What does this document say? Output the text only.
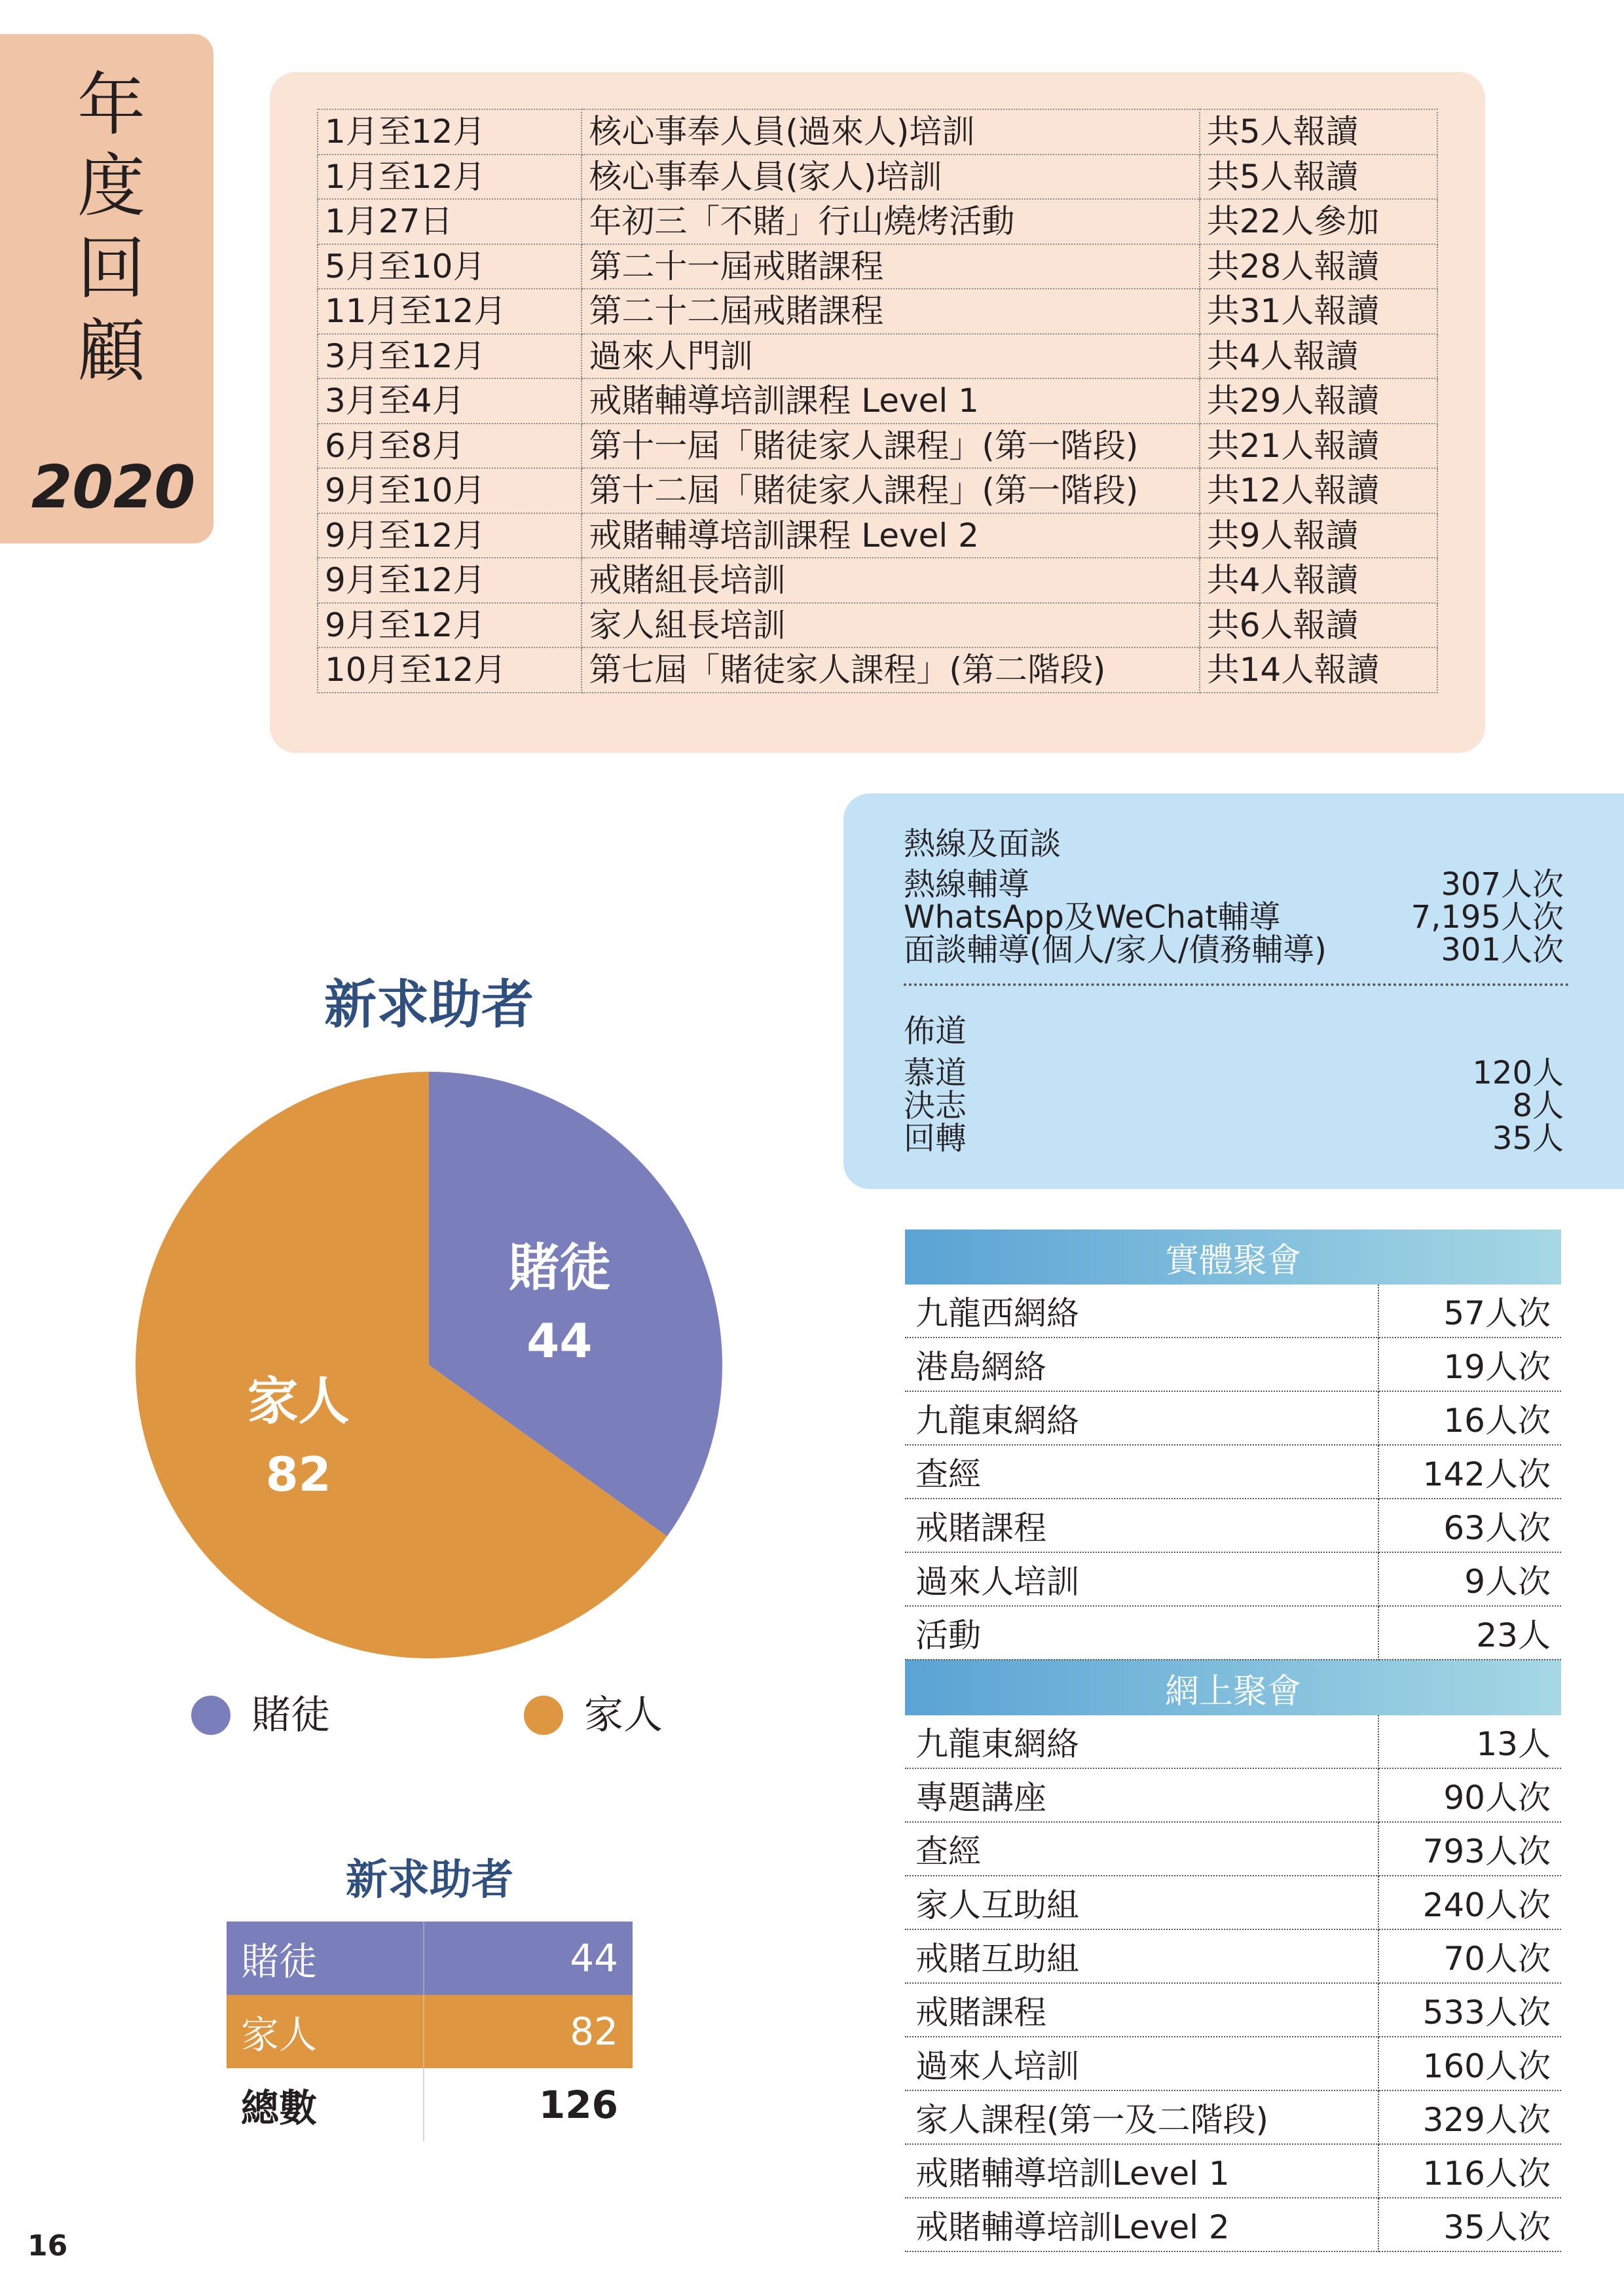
年
度
回
顧
2020
1月至12月	核心事奉人員(過來人)培訓	共5人報讀
1月至12月	核心事奉人員(家人)培訓	共5人報讀
1月27日	年初三「不賭」行山燒烤活動	共22人參加
5月至10月	第二十一屆戒賭課程	共28人報讀
11月至12月	第二十二屆戒賭課程	共31人報讀
3月至12月	過來人門訓	共4人報讀
3月至4月	戒賭輔導培訓課程 Level 1	共29人報讀
6月至8月	第十一屆「賭徒家人課程」(第一階段)	共21人報讀
9月至10月	第十二屆「賭徒家人課程」(第一階段)	共12人報讀
9月至12月	戒賭輔導培訓課程 Level 2	共9人報讀
9月至12月	戒賭組長培訓	共4人報讀
9月至12月	家人組長培訓	共6人報讀
10月至12月	第七屆「賭徒家人課程」(第二階段)	共14人報讀
熱線及面談
熱線輔導	307人次
WhatsApp及WeChat輔導	7,195人次
面談輔導(個人/家人/債務輔導)	301人次
佈道
慕道	120人
決志	8人
回轉	35人
新求助者
賭徒
44
家人
82
賭徒	家人
新求助者
賭徒	44
家人	82
總數	126
實體聚會	
九龍西網絡	57人次
港島網絡	19人次
九龍東網絡	16人次
查經	142人次
戒賭課程	63人次
過來人培訓	9人次
活動	23人
網上聚會	
九龍東網絡	13人
專題講座	90人次
查經	793人次
家人互助組	240人次
戒賭互助組	70人次
戒賭課程	533人次
過來人培訓	160人次
家人課程(第一及二階段)	329人次
戒賭輔導培訓Level 1	116人次
戒賭輔導培訓Level 2	35人次
16
